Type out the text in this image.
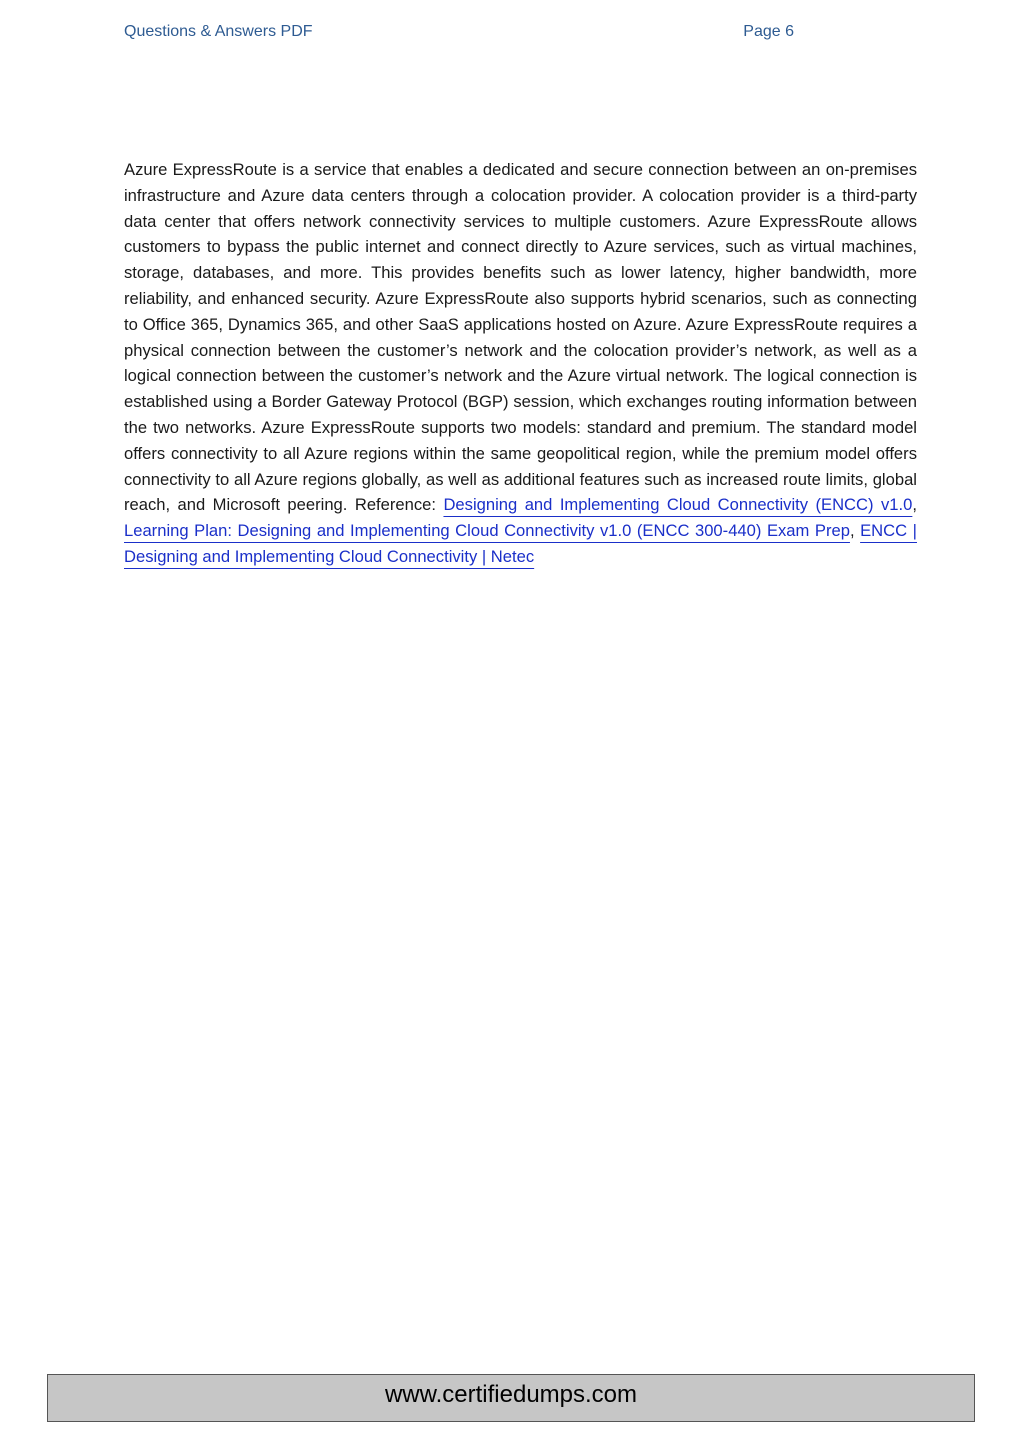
Questions & Answers PDF	Page 6
Azure ExpressRoute is a service that enables a dedicated and secure connection between an on-premises infrastructure and Azure data centers through a colocation provider. A colocation provider is a third-party data center that offers network connectivity services to multiple customers. Azure ExpressRoute allows customers to bypass the public internet and connect directly to Azure services, such as virtual machines, storage, databases, and more. This provides benefits such as lower latency, higher bandwidth, more reliability, and enhanced security. Azure ExpressRoute also supports hybrid scenarios, such as connecting to Office 365, Dynamics 365, and other SaaS applications hosted on Azure. Azure ExpressRoute requires a physical connection between the customer’s network and the colocation provider’s network, as well as a logical connection between the customer’s network and the Azure virtual network. The logical connection is established using a Border Gateway Protocol (BGP) session, which exchanges routing information between the two networks. Azure ExpressRoute supports two models: standard and premium. The standard model offers connectivity to all Azure regions within the same geopolitical region, while the premium model offers connectivity to all Azure regions globally, as well as additional features such as increased route limits, global reach, and Microsoft peering. Reference: Designing and Implementing Cloud Connectivity (ENCC) v1.0, Learning Plan: Designing and Implementing Cloud Connectivity v1.0 (ENCC 300-440) Exam Prep, ENCC | Designing and Implementing Cloud Connectivity | Netec
www.certifiedumps.com
